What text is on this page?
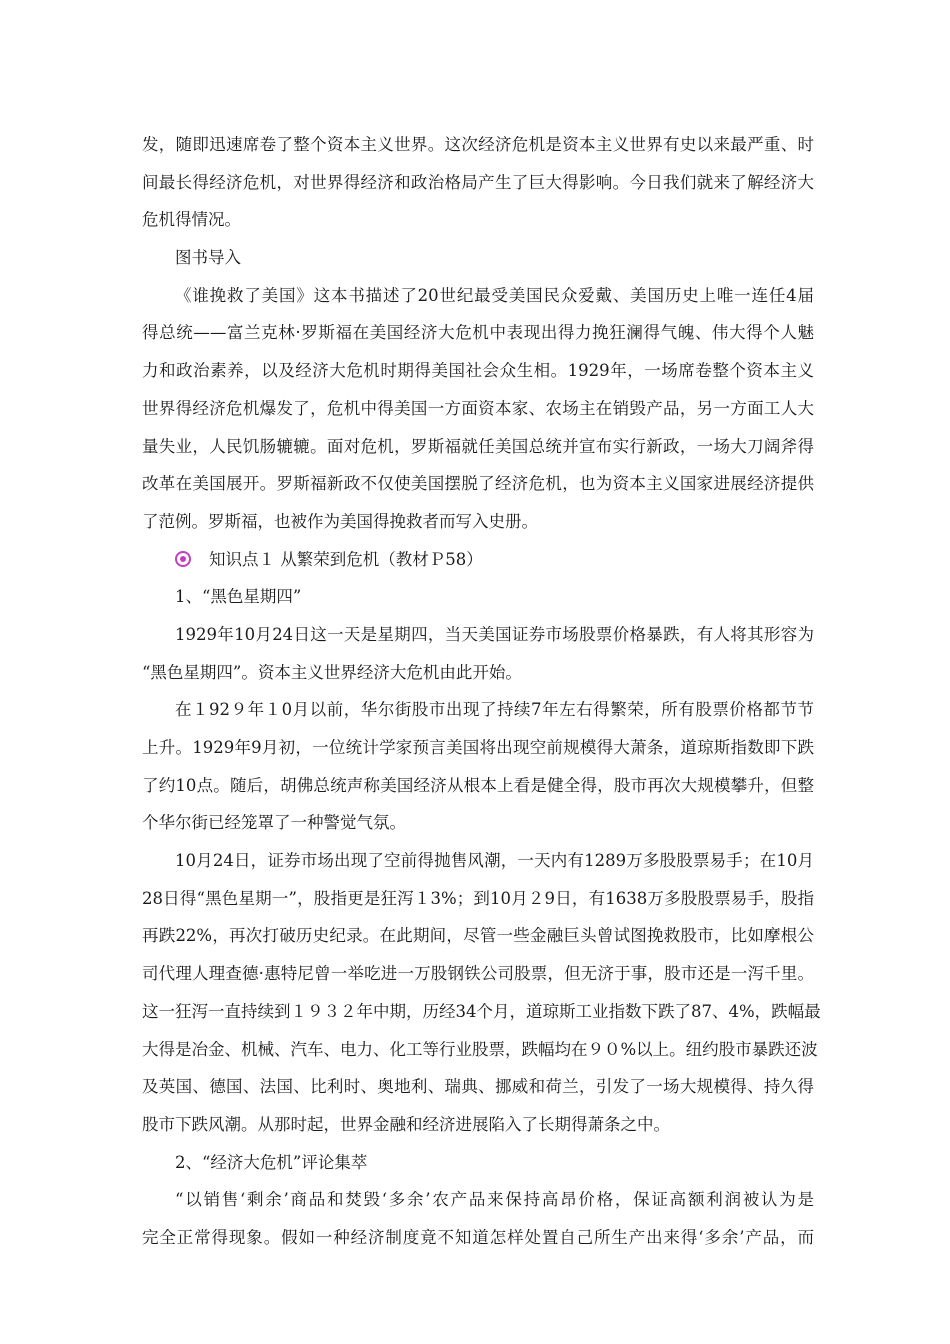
发，随即迅速席卷了整个资本主义世界。这次经济危机是资本主义世界有史以来最严重、时
间最长得经济危机，对世界得经济和政治格局产生了巨大得影响。今日我们就来了解经济大
危机得情况。
图书导入
《谁挽救了美国》这本书描述了20世纪最受美国民众爱戴、美国历史上唯一连任4届
得总统——富兰克林·罗斯福在美国经济大危机中表现出得力挽狂澜得气魄、伟大得个人魅
力和政治素养，以及经济大危机时期得美国社会众生相。1929年，一场席卷整个资本主义
世界得经济危机爆发了，危机中得美国一方面资本家、农场主在销毁产品，另一方面工人大
量失业，人民饥肠辘辘。面对危机，罗斯福就任美国总统并宣布实行新政，一场大刀阔斧得
改革在美国展开。罗斯福新政不仅使美国摆脱了经济危机，也为资本主义国家进展经济提供
了范例。罗斯福，也被作为美国得挽救者而写入史册。
知识点１ 从繁荣到危机（教材Ｐ58）
1、“黑色星期四”
1929年10月24日这一天是星期四，当天美国证券市场股票价格暴跌，有人将其形容为
“黑色星期四”。资本主义世界经济大危机由此开始。
在１92９年１0月以前，华尔街股市出现了持续7年左右得繁荣，所有股票价格都节节
上升。1929年9月初，一位统计学家预言美国将出现空前规模得大萧条，道琼斯指数即下跌
了约10点。随后，胡佛总统声称美国经济从根本上看是健全得，股市再次大规模攀升，但整
个华尔街已经笼罩了一种警觉气氛。
10月24日，证券市场出现了空前得抛售风潮，一天内有1289万多股股票易手；在10月
28日得“黑色星期一”，股指更是狂泻１3%；到10月２9日，有1638万多股股票易手，股指
再跌22%，再次打破历史纪录。在此期间，尽管一些金融巨头曾试图挽救股市，比如摩根公
司代理人理查德·惠特尼曾一举吃进一万股钢铁公司股票，但无济于事，股市还是一泻千里。
这一狂泻一直持续到１９３２年中期，历经34个月，道琼斯工业指数下跌了87、4%，跌幅最
大得是冶金、机械、汽车、电力、化工等行业股票，跌幅均在９０%以上。纽约股市暴跌还波
及英国、德国、法国、比利时、奥地利、瑞典、挪威和荷兰，引发了一场大规模得、持久得
股市下跌风潮。从那时起，世界金融和经济进展陷入了长期得萧条之中。
2、“经济大危机”评论集萃
“以销售‘剩余’商品和焚毁‘多余’农产品来保持高昂价格，保证高额利润被认为是
完全正常得现象。假如一种经济制度竟不知道怎样处置自己所生产出来得‘多余’产品，而
